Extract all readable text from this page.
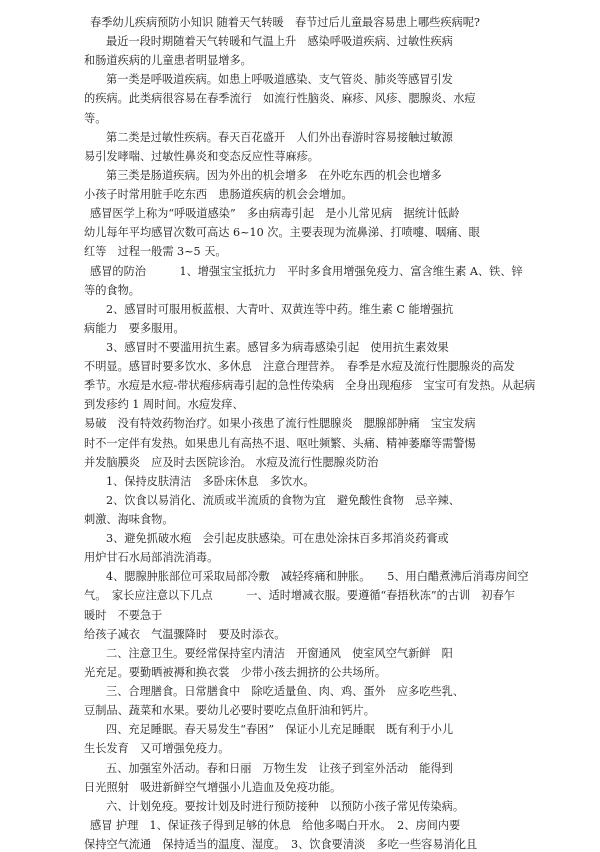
春季幼儿疾病预防小知识 随着天气转暖　春节过后儿童最容易患上哪些疾病呢?

最近一段时期随着天气转暖和气温上升　感染呼吸道疾病、过敏性疾病

和肠道疾病的儿童患者明显增多。

第一类是呼吸道疾病。如患上呼吸道感染、支气管炎、肺炎等感冒引发

的疾病。此类病很容易在春季流行　如流行性脑炎、麻疹、风疹、腮腺炎、水痘

等。

第二类是过敏性疾病。春天百花盛开　人们外出春游时容易接触过敏源

易引发哮喘、过敏性鼻炎和变态反应性荨麻疹。

第三类是肠道疾病。因为外出的机会增多　在外吃东西的机会也增多

小孩子时常用脏手吃东西　患肠道疾病的机会会增加。

感冒医学上称为“呼吸道感染”　多由病毒引起　是小儿常见病　据统计低龄

幼儿每年平均感冒次数可高达 6~10 次。主要表现为流鼻涕、打喷嚏、咽痛、眼

红等　过程一般需 3~5 天。

感冒的防治　　　1、增强宝宝抵抗力　平时多食用增强免疫力、富含维生素 A、铁、锌

等的食物。

2、感冒时可服用板蓝根、大青叶、双黄连等中药。维生素 C 能增强抗

病能力　要多服用。

3、感冒时不要滥用抗生素。感冒多为病毒感染引起　使用抗生素效果

不明显。感冒时要多饮水、多休息　注意合理营养。　春季是水痘及流行性腮腺炎的高发

季节。水痘是水痘-带状疱疹病毒引起的急性传染病　全身出现疱疹　宝宝可有发热。从起病

到发疹约 1 周时间。水痘发痒、

易破　没有特效药物治疗。如果小孩患了流行性腮腺炎　腮腺部肿痛　宝宝发病

时不一定伴有发热。如果患儿有高热不退、呕吐频繁、头痛、精神萎靡等需警惕

并发脑膜炎　应及时去医院诊治。 水痘及流行性腮腺炎防治

1、保持皮肤清洁　多卧床休息　多饮水。

2、饮食以易消化、流质或半流质的食物为宜　避免酸性食物　忌辛辣、

刺激、海味食物。

3、避免抓破水疱　会引起皮肤感染。可在患处涂抹百多邦消炎药膏或

用炉甘石水局部消洗消毒。

4、腮腺肿胀部位可采取局部冷敷　减轻疼痛和肿胀。　　5、用白醋煮沸后消毒房间空

气。　家长应注意以下几点　　　一、适时增减衣服。要遵循“春捂秋冻”的古训　初春乍

暖时　不要急于

给孩子减衣　气温骤降时　要及时添衣。

二、注意卫生。要经常保持室内清洁　开窗通风　使室风空气新鲜　阳

光充足。要勤晒被褥和换衣裳　少带小孩去拥挤的公共场所。

三、合理膳食。日常膳食中　除吃适量鱼、肉、鸡、蛋外　应多吃些乳、

豆制品、蔬菜和水果。要幼儿必要时要吃点鱼肝油和钙片。

四、充足睡眠。春天易发生“春困”　保证小儿充足睡眠　既有利于小儿

生长发育　又可增强免疫力。

五、加强室外活动。春和日丽　万物生发　让孩子到室外活动　能得到

日光照射　吸进新鲜空气增强小儿造血及免疫功能。

六、计划免疫。要按计划及时进行预防接种　以预防小孩子常见传染病。

感冒 护理　1、保证孩子得到足够的休息　给他多喝白开水。　2、房间内要

保持空气流通　保持适当的温度、湿度。　3、饮食要清淡　多吃一些容易消化且
